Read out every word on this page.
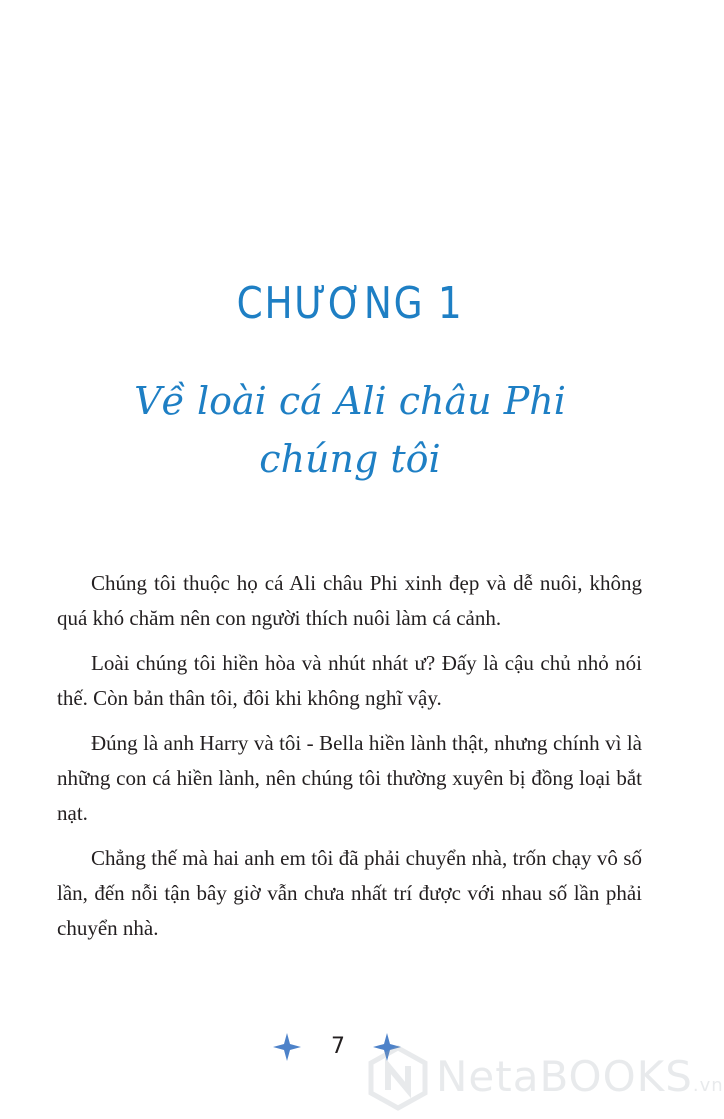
CHƯƠNG 1
Về loài cá Ali châu Phi
chúng tôi

Chúng tôi thuộc họ cá Ali châu Phi xinh đẹp và dễ nuôi, không quá khó chăm nên con người thích nuôi làm cá cảnh.

Loài chúng tôi hiền hòa và nhút nhát ư? Đấy là cậu chủ nhỏ nói thế. Còn bản thân tôi, đôi khi không nghĩ vậy.

Đúng là anh Harry và tôi - Bella hiền lành thật, nhưng chính vì là những con cá hiền lành, nên chúng tôi thường xuyên bị đồng loại bắt nạt.

Chẳng thế mà hai anh em tôi đã phải chuyển nhà, trốn chạy vô số lần, đến nỗi tận bây giờ vẫn chưa nhất trí được với nhau số lần phải chuyển nhà.

7
NetaBOOKS.vn
